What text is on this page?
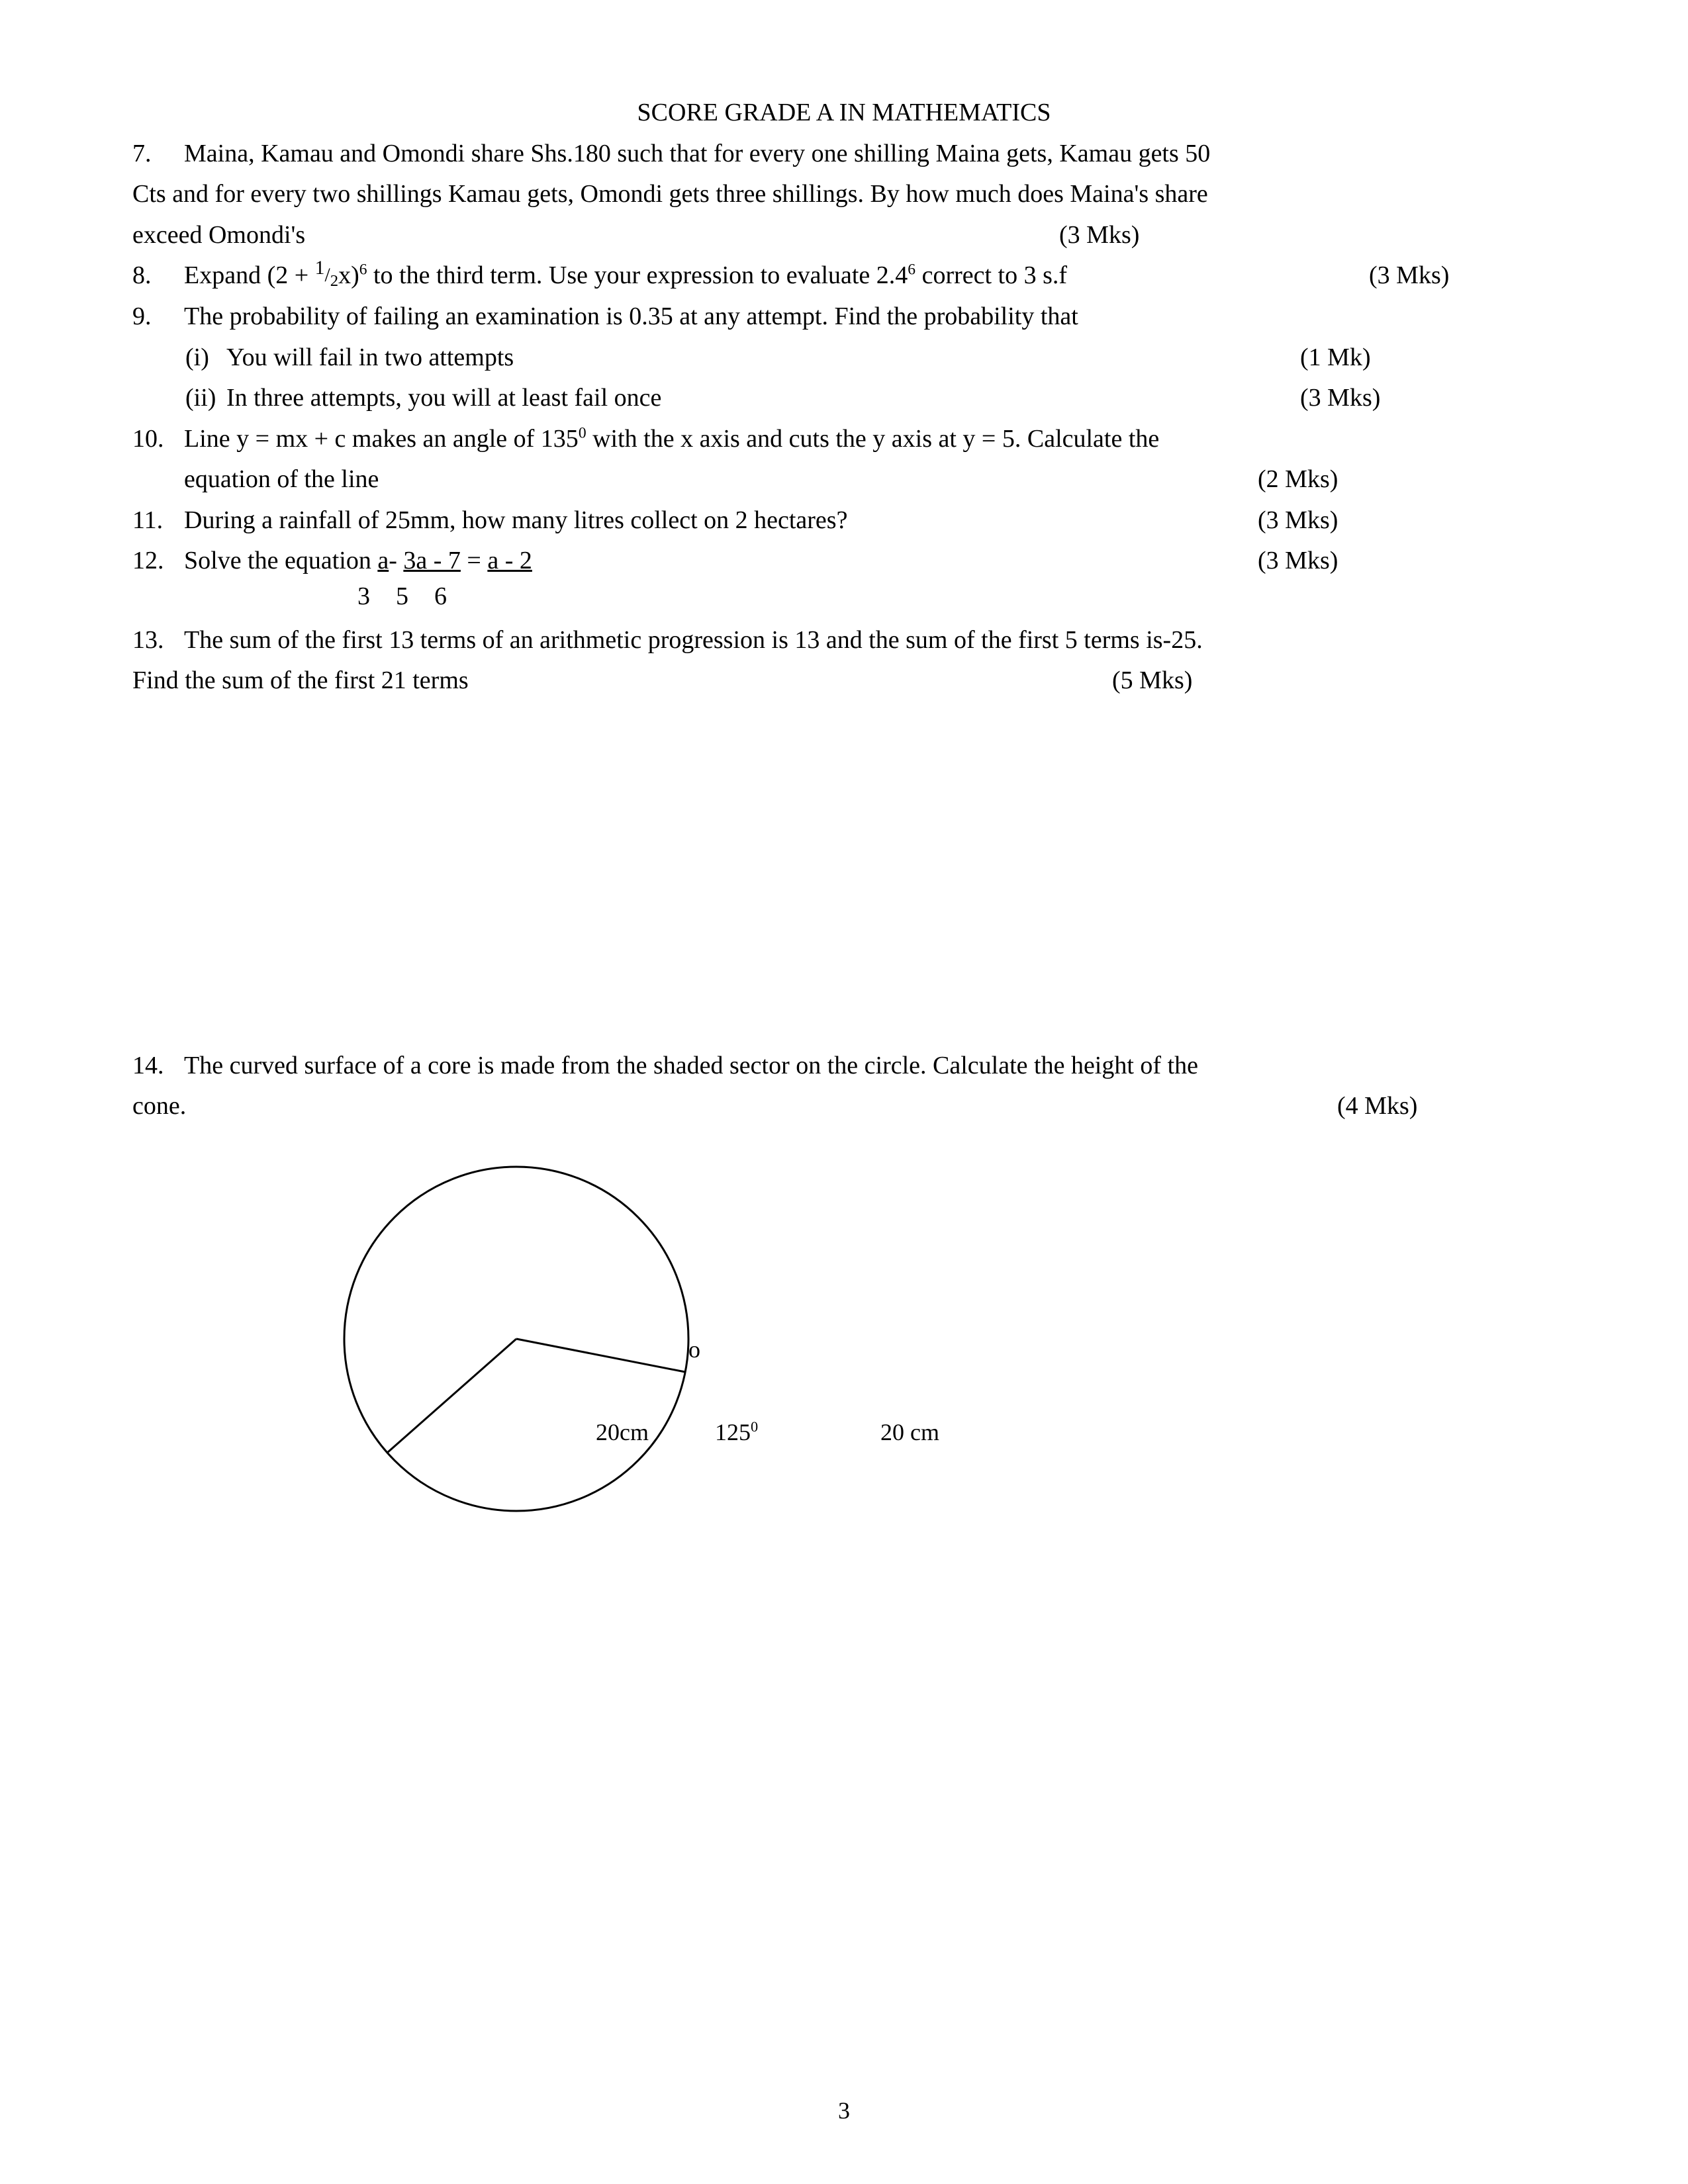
SCORE GRADE A IN MATHEMATICS
7.	Maina, Kamau and Omondi share Shs.180 such that for every one shilling Maina gets, Kamau gets 50
Cts and for every two shillings Kamau gets, Omondi gets three shillings. By how much does Maina's share
exceed Omondi's	(3 Mks)
8.	Expand $(2 + ^1/_2x)^6$ to the third term. Use your expression to evaluate $2.4^6$ correct to 3 s.f	(3 Mks)
9.	The probability of failing an examination is 0.35 at any attempt. Find the probability that
(i) You will fail in two attempts	(1 Mk)
(ii) In three attempts, you will at least fail once	(3 Mks)
10. Line y = mx + c makes an angle of $135^0$ with the x axis and cuts the y axis at y = 5. Calculate the
equation of the line	(2 Mks)
11. During a rainfall of 25mm, how many litres collect on 2 hectares?	(3 Mks)
12. Solve the equation a- 3a - 7 = a - 2	(3 Mks)
3 5 6
13. The sum of the first 13 terms of an arithmetic progression is 13 and the sum of the first 5 terms is-25.
Find the sum of the first 21 terms	(5 Mks)
14. The curved surface of a core is made from the shaded sector on the circle. Calculate the height of the
cone.	(4 Mks)
o
20cm	$125^0$	20 cm
3
